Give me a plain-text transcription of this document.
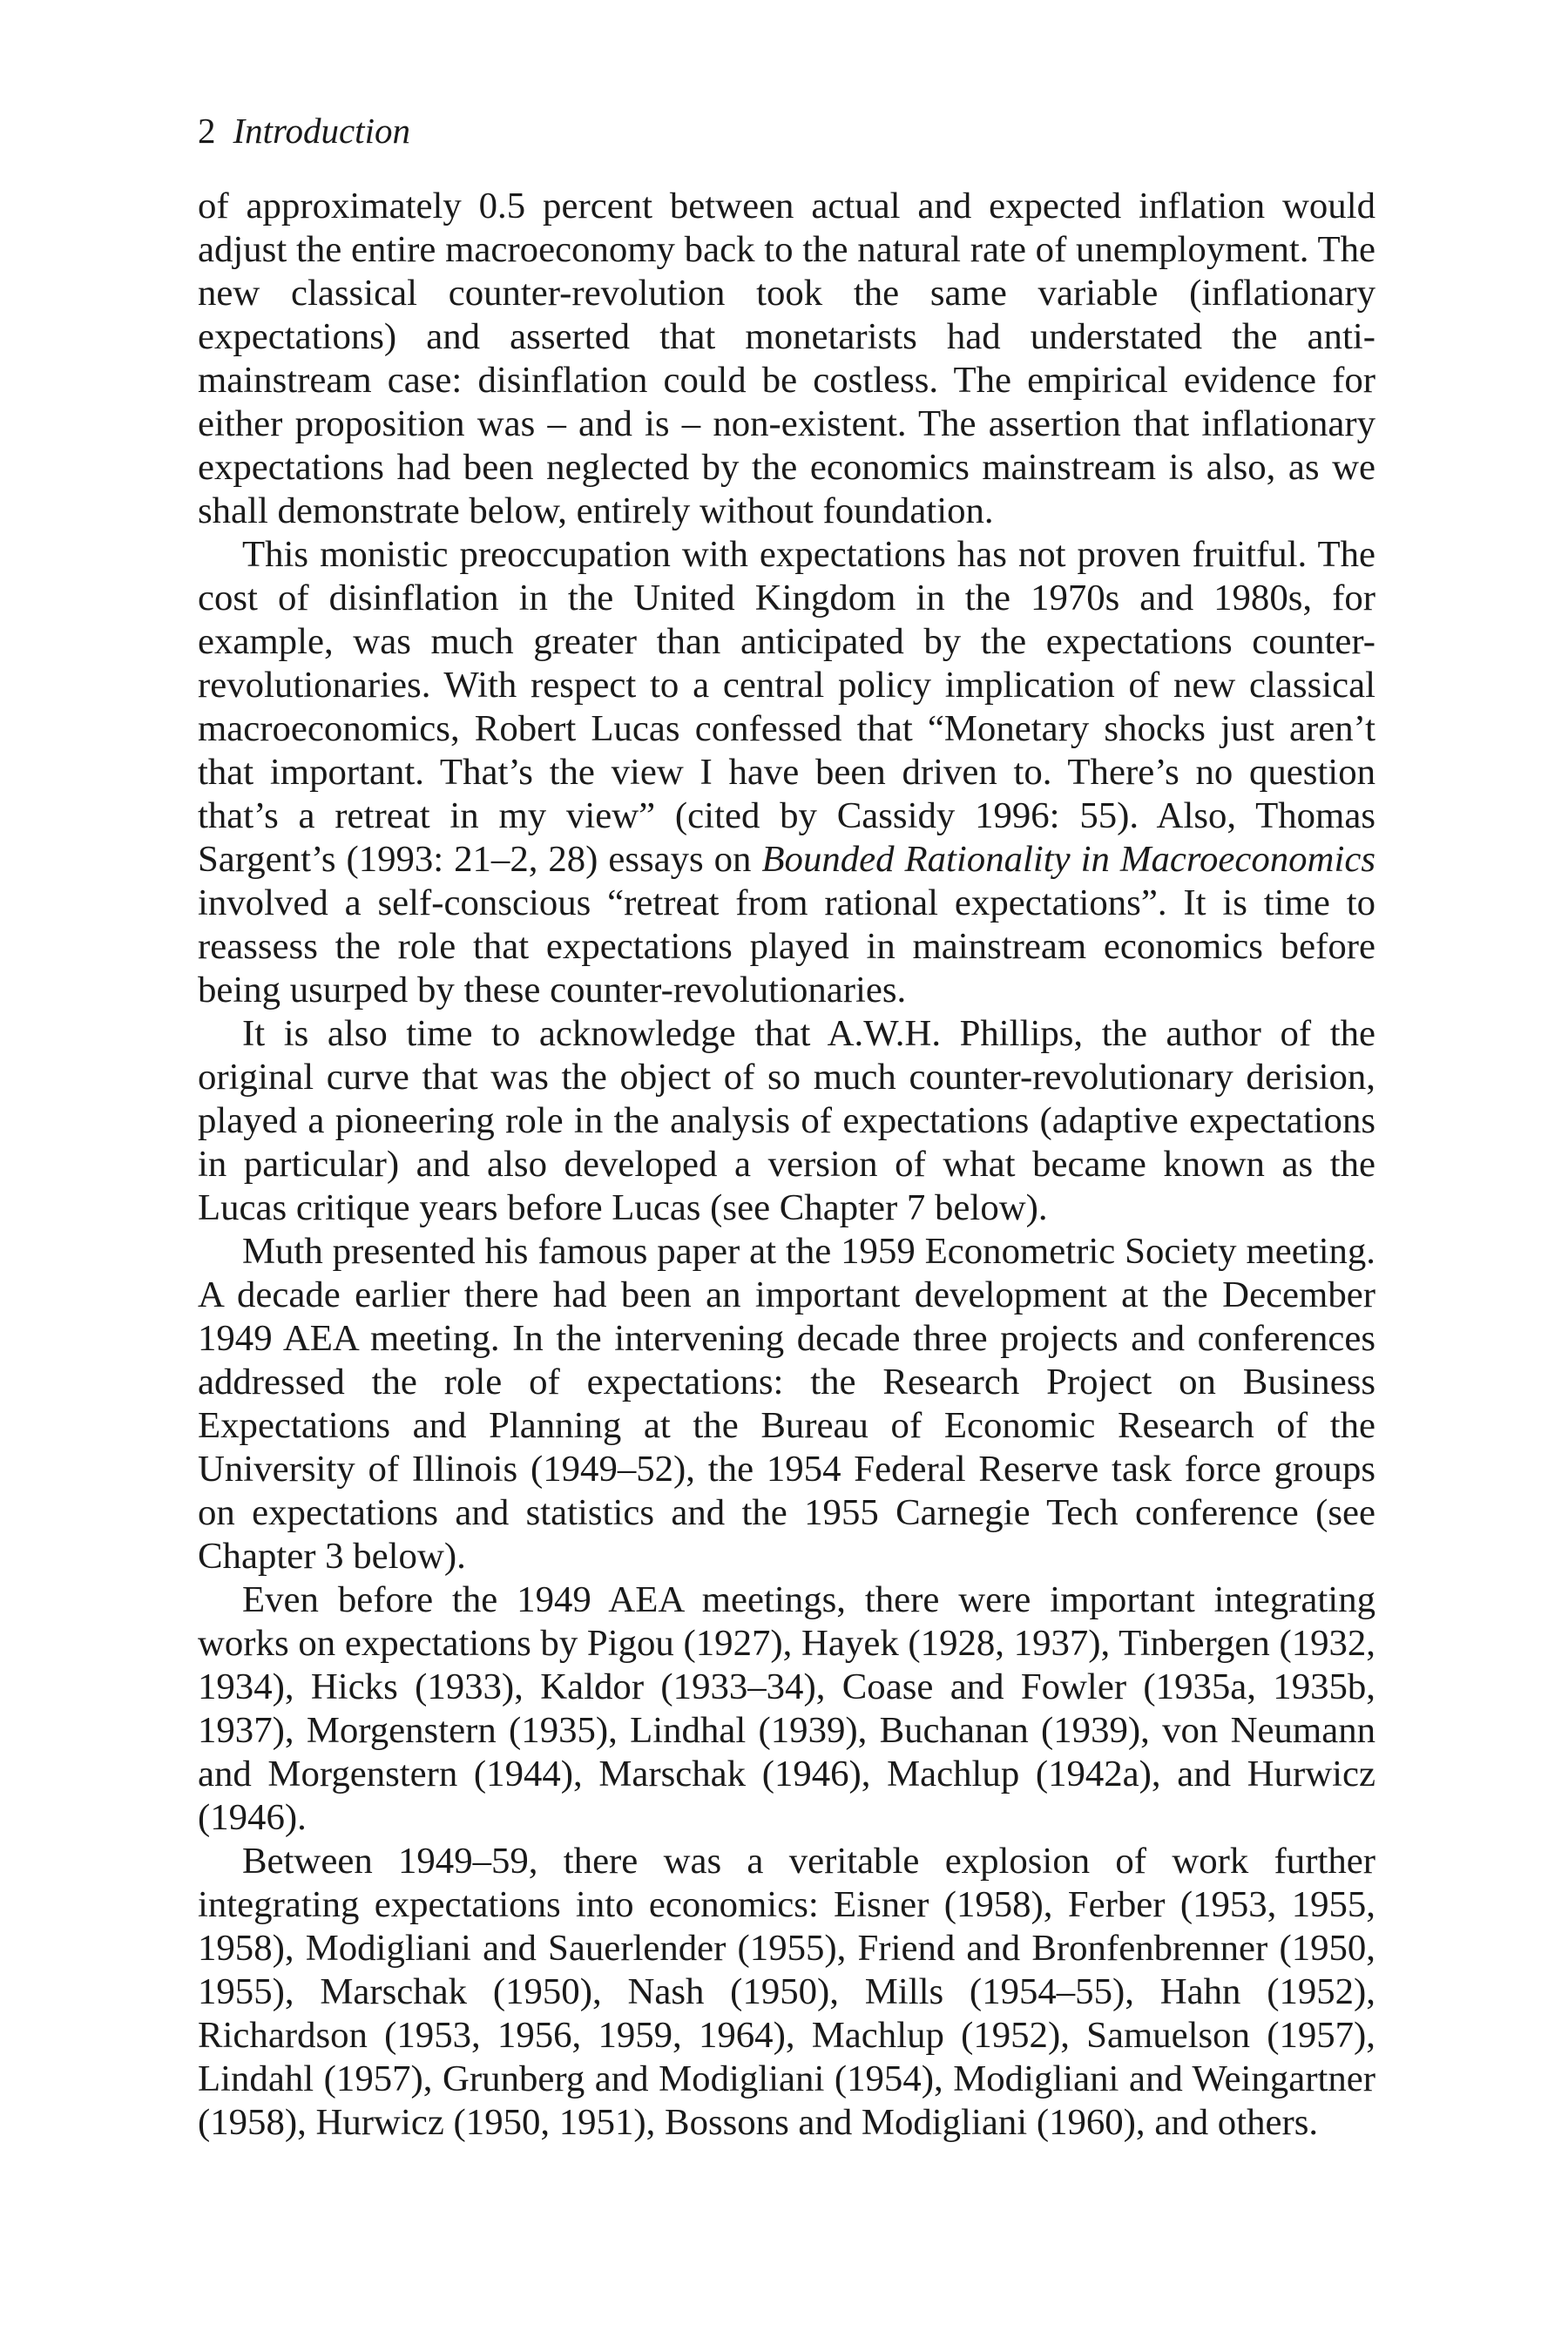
2 Introduction

of approximately 0.5 percent between actual and expected inflation would adjust the entire macroeconomy back to the natural rate of unemployment. The new classical counter-revolution took the same variable (inflationary expectations) and asserted that monetarists had understated the anti-mainstream case: disinflation could be costless. The empirical evidence for either proposition was – and is – non-existent. The assertion that inflationary expectations had been neglected by the economics mainstream is also, as we shall demonstrate below, entirely without foundation.

This monistic preoccupation with expectations has not proven fruitful. The cost of disinflation in the United Kingdom in the 1970s and 1980s, for example, was much greater than anticipated by the expectations counter-revolutionaries. With respect to a central policy implication of new classical macroeconomics, Robert Lucas confessed that “Monetary shocks just aren’t that important. That’s the view I have been driven to. There’s no question that’s a retreat in my view” (cited by Cassidy 1996: 55). Also, Thomas Sargent’s (1993: 21–2, 28) essays on Bounded Rationality in Macroeconomics involved a self-conscious “retreat from rational expectations”. It is time to reassess the role that expectations played in mainstream economics before being usurped by these counter-revolutionaries.

It is also time to acknowledge that A.W.H. Phillips, the author of the original curve that was the object of so much counter-revolutionary derision, played a pioneering role in the analysis of expectations (adaptive expectations in particular) and also developed a version of what became known as the Lucas critique years before Lucas (see Chapter 7 below).

Muth presented his famous paper at the 1959 Econometric Society meeting. A decade earlier there had been an important development at the December 1949 AEA meeting. In the intervening decade three projects and conferences addressed the role of expectations: the Research Project on Business Expectations and Planning at the Bureau of Economic Research of the University of Illinois (1949–52), the 1954 Federal Reserve task force groups on expectations and statistics and the 1955 Carnegie Tech conference (see Chapter 3 below).

Even before the 1949 AEA meetings, there were important integrating works on expectations by Pigou (1927), Hayek (1928, 1937), Tinbergen (1932, 1934), Hicks (1933), Kaldor (1933–34), Coase and Fowler (1935a, 1935b, 1937), Morgenstern (1935), Lindhal (1939), Buchanan (1939), von Neumann and Morgenstern (1944), Marschak (1946), Machlup (1942a), and Hurwicz (1946).

Between 1949–59, there was a veritable explosion of work further integrating expectations into economics: Eisner (1958), Ferber (1953, 1955, 1958), Modigliani and Sauerlender (1955), Friend and Bronfenbrenner (1950, 1955), Marschak (1950), Nash (1950), Mills (1954–55), Hahn (1952), Richardson (1953, 1956, 1959, 1964), Machlup (1952), Samuelson (1957), Lindahl (1957), Grunberg and Modigliani (1954), Modigliani and Weingartner (1958), Hurwicz (1950, 1951), Bossons and Modigliani (1960), and others.
